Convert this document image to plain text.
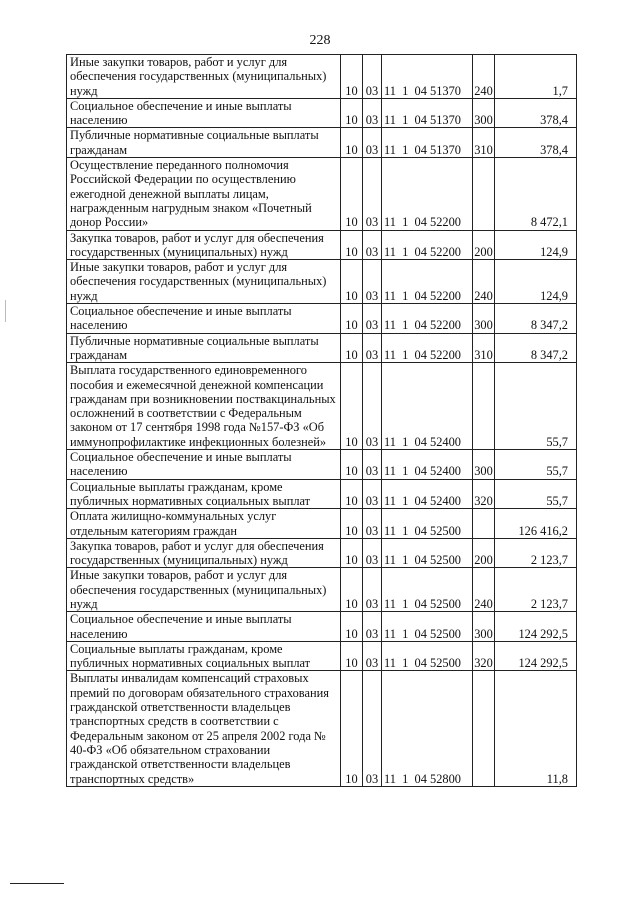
228
Иные закупки товаров, работ и услуг для обеспечения государственных (муниципальных) нужд	10	03	11  1  04 51370	240	1,7
Социальное обеспечение и иные выплаты населению	10	03	11  1  04 51370	300	378,4
Публичные нормативные социальные выплаты гражданам	10	03	11  1  04 51370	310	378,4
Осуществление переданного полномочия Российской Федерации по осуществлению ежегодной денежной выплаты лицам, награжденным нагрудным знаком «Почетный донор России»	10	03	11  1  04 52200		8 472,1
Закупка товаров, работ и услуг для обеспечения государственных (муниципальных) нужд	10	03	11  1  04 52200	200	124,9
Иные закупки товаров, работ и услуг для обеспечения государственных (муниципальных) нужд	10	03	11  1  04 52200	240	124,9
Социальное обеспечение и иные выплаты населению	10	03	11  1  04 52200	300	8 347,2
Публичные нормативные социальные выплаты гражданам	10	03	11  1  04 52200	310	8 347,2
Выплата государственного единовременного пособия и ежемесячной денежной компенсации гражданам при возникновении поствакцинальных осложнений в соответствии с Федеральным законом от 17 сентября 1998 года №157-ФЗ «Об иммунопрофилактике инфекционных болезней»	10	03	11  1  04 52400		55,7
Социальное обеспечение и иные выплаты населению	10	03	11  1  04 52400	300	55,7
Социальные выплаты гражданам, кроме публичных нормативных социальных выплат	10	03	11  1  04 52400	320	55,7
Оплата жилищно-коммунальных услуг отдельным категориям граждан	10	03	11  1  04 52500		126 416,2
Закупка товаров, работ и услуг для обеспечения государственных (муниципальных) нужд	10	03	11  1  04 52500	200	2 123,7
Иные закупки товаров, работ и услуг для обеспечения государственных (муниципальных) нужд	10	03	11  1  04 52500	240	2 123,7
Социальное обеспечение и иные выплаты населению	10	03	11  1  04 52500	300	124 292,5
Социальные выплаты гражданам, кроме публичных нормативных социальных выплат	10	03	11  1  04 52500	320	124 292,5
Выплаты инвалидам компенсаций страховых премий по договорам обязательного страхования гражданской ответственности владельцев транспортных средств в соответствии с Федеральным законом от 25 апреля 2002 года № 40-ФЗ «Об обязательном страховании гражданской ответственности владельцев транспортных средств»	10	03	11  1  04 52800		11,8
